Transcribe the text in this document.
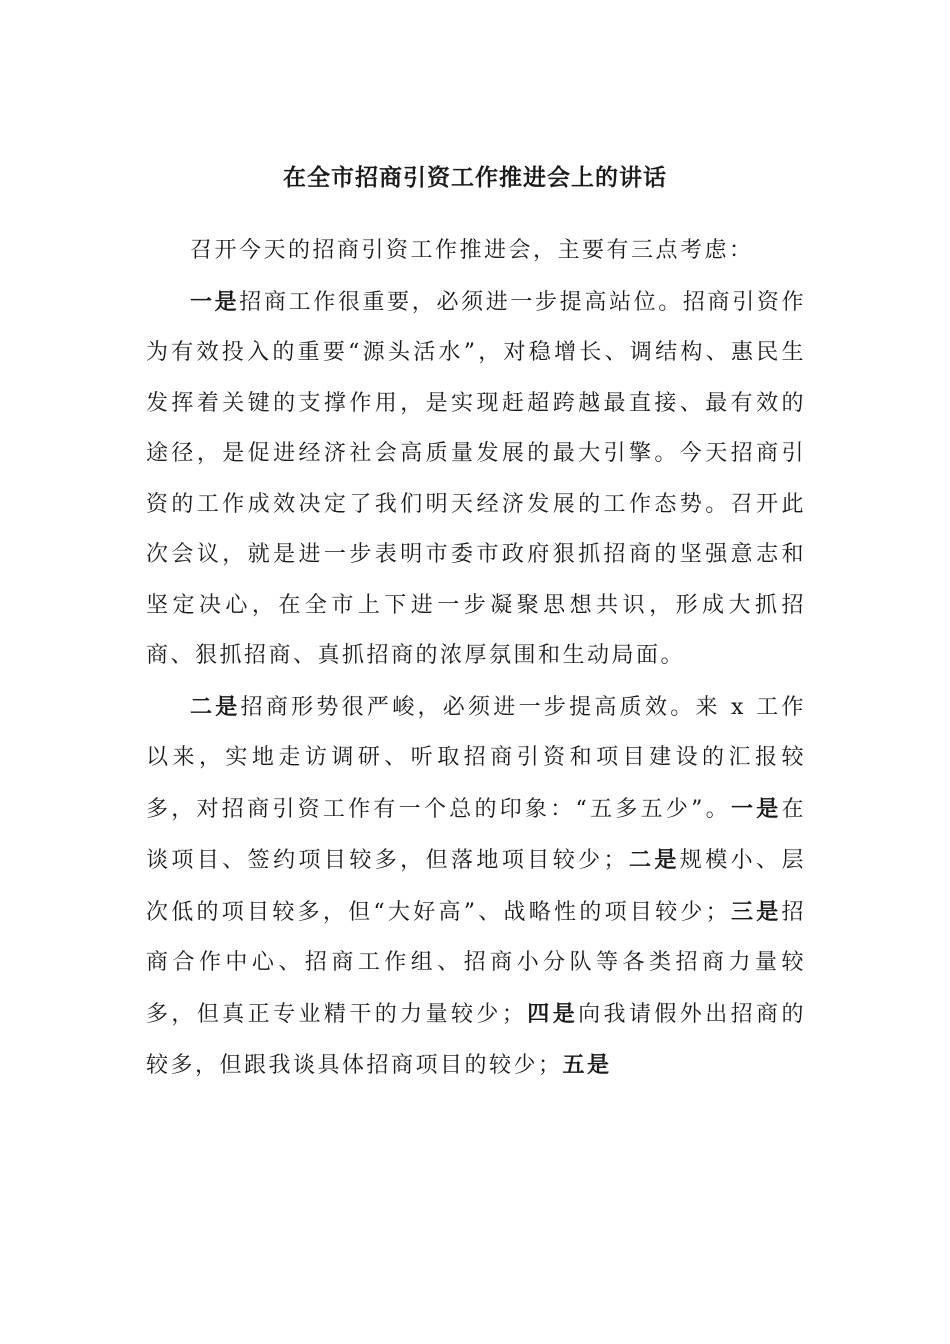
在全市招商引资工作推进会上的讲话

召开今天的招商引资工作推进会，主要有三点考虑：

一是招商工作很重要，必须进一步提高站位。招商引资作为有效投入的重要“源头活水”，对稳增长、调结构、惠民生发挥着关键的支撑作用，是实现赶超跨越最直接、最有效的途径，是促进经济社会高质量发展的最大引擎。今天招商引资的工作成效决定了我们明天经济发展的工作态势。召开此次会议，就是进一步表明市委市政府狠抓招商的坚强意志和坚定决心，在全市上下进一步凝聚思想共识，形成大抓招商、狠抓招商、真抓招商的浓厚氛围和生动局面。

二是招商形势很严峻，必须进一步提高质效。来 x 工作以来，实地走访调研、听取招商引资和项目建设的汇报较多，对招商引资工作有一个总的印象：“五多五少”。一是在谈项目、签约项目较多，但落地项目较少；二是规模小、层次低的项目较多，但“大好高”、战略性的项目较少；三是招商合作中心、招商工作组、招商小分队等各类招商力量较多，但真正专业精干的力量较少；四是向我请假外出招商的较多，但跟我谈具体招商项目的较少；五是
